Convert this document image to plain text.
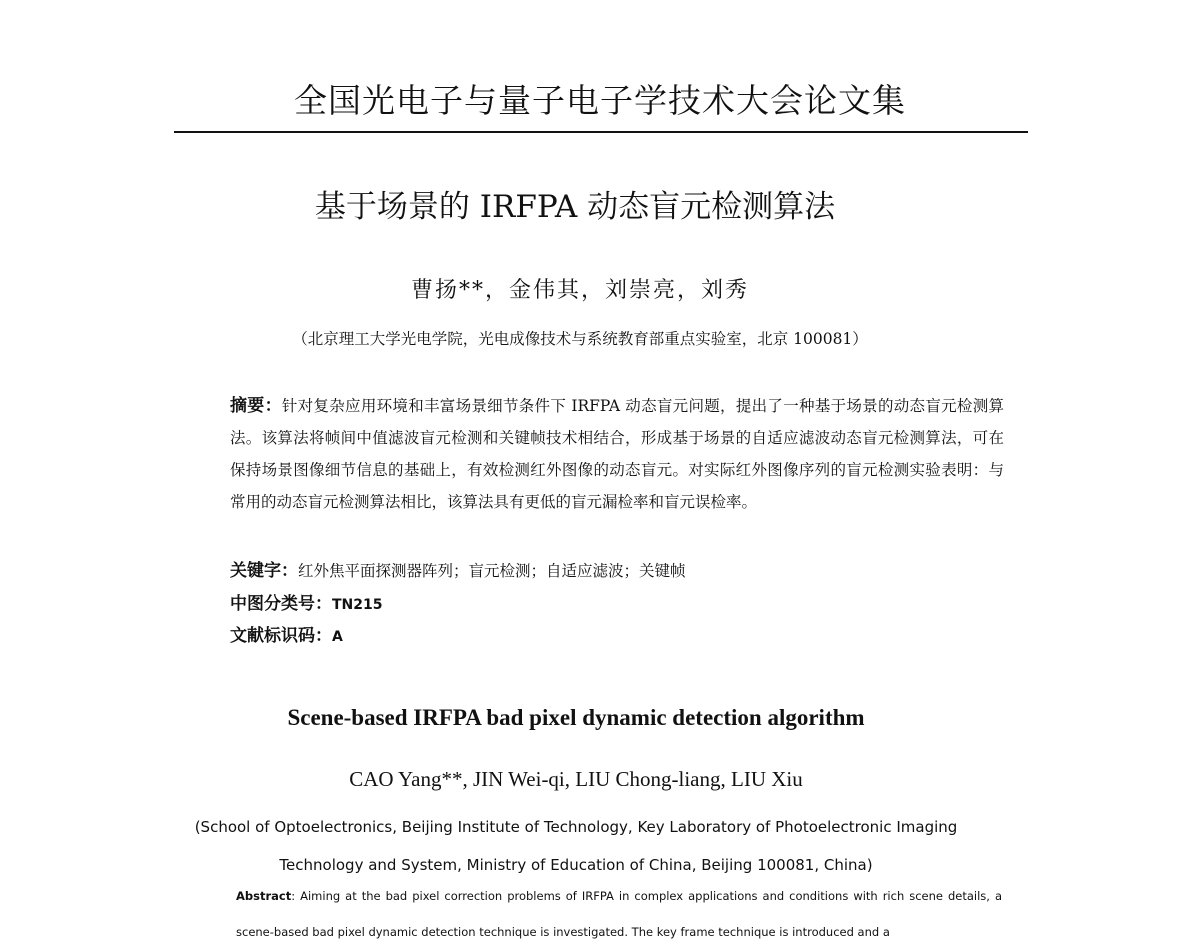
全国光电子与量子电子学技术大会论文集
基于场景的 IRFPA 动态盲元检测算法
曹扬**，金伟其，刘崇亮，刘秀
（北京理工大学光电学院，光电成像技术与系统教育部重点实验室，北京 100081）
摘要：针对复杂应用环境和丰富场景细节条件下 IRFPA 动态盲元问题，提出了一种基于场景的动态盲元检测算法。该算法将帧间中值滤波盲元检测和关键帧技术相结合，形成基于场景的自适应滤波动态盲元检测算法，可在保持场景图像细节信息的基础上，有效检测红外图像的动态盲元。对实际红外图像序列的盲元检测实验表明：与常用的动态盲元检测算法相比，该算法具有更低的盲元漏检率和盲元误检率。
关键字：红外焦平面探测器阵列；盲元检测；自适应滤波；关键帧
中图分类号：TN215
文献标识码：A
Scene-based IRFPA bad pixel dynamic detection algorithm
CAO Yang**, JIN Wei-qi, LIU Chong-liang, LIU Xiu
(School of Optoelectronics, Beijing Institute of Technology, Key Laboratory of Photoelectronic Imaging
Technology and System, Ministry of Education of China, Beijing 100081, China)
Abstract: Aiming at the bad pixel correction problems of IRFPA in complex applications and conditions with rich scene details, a scene-based bad pixel dynamic detection technique is investigated. The key frame technique is introduced and a
